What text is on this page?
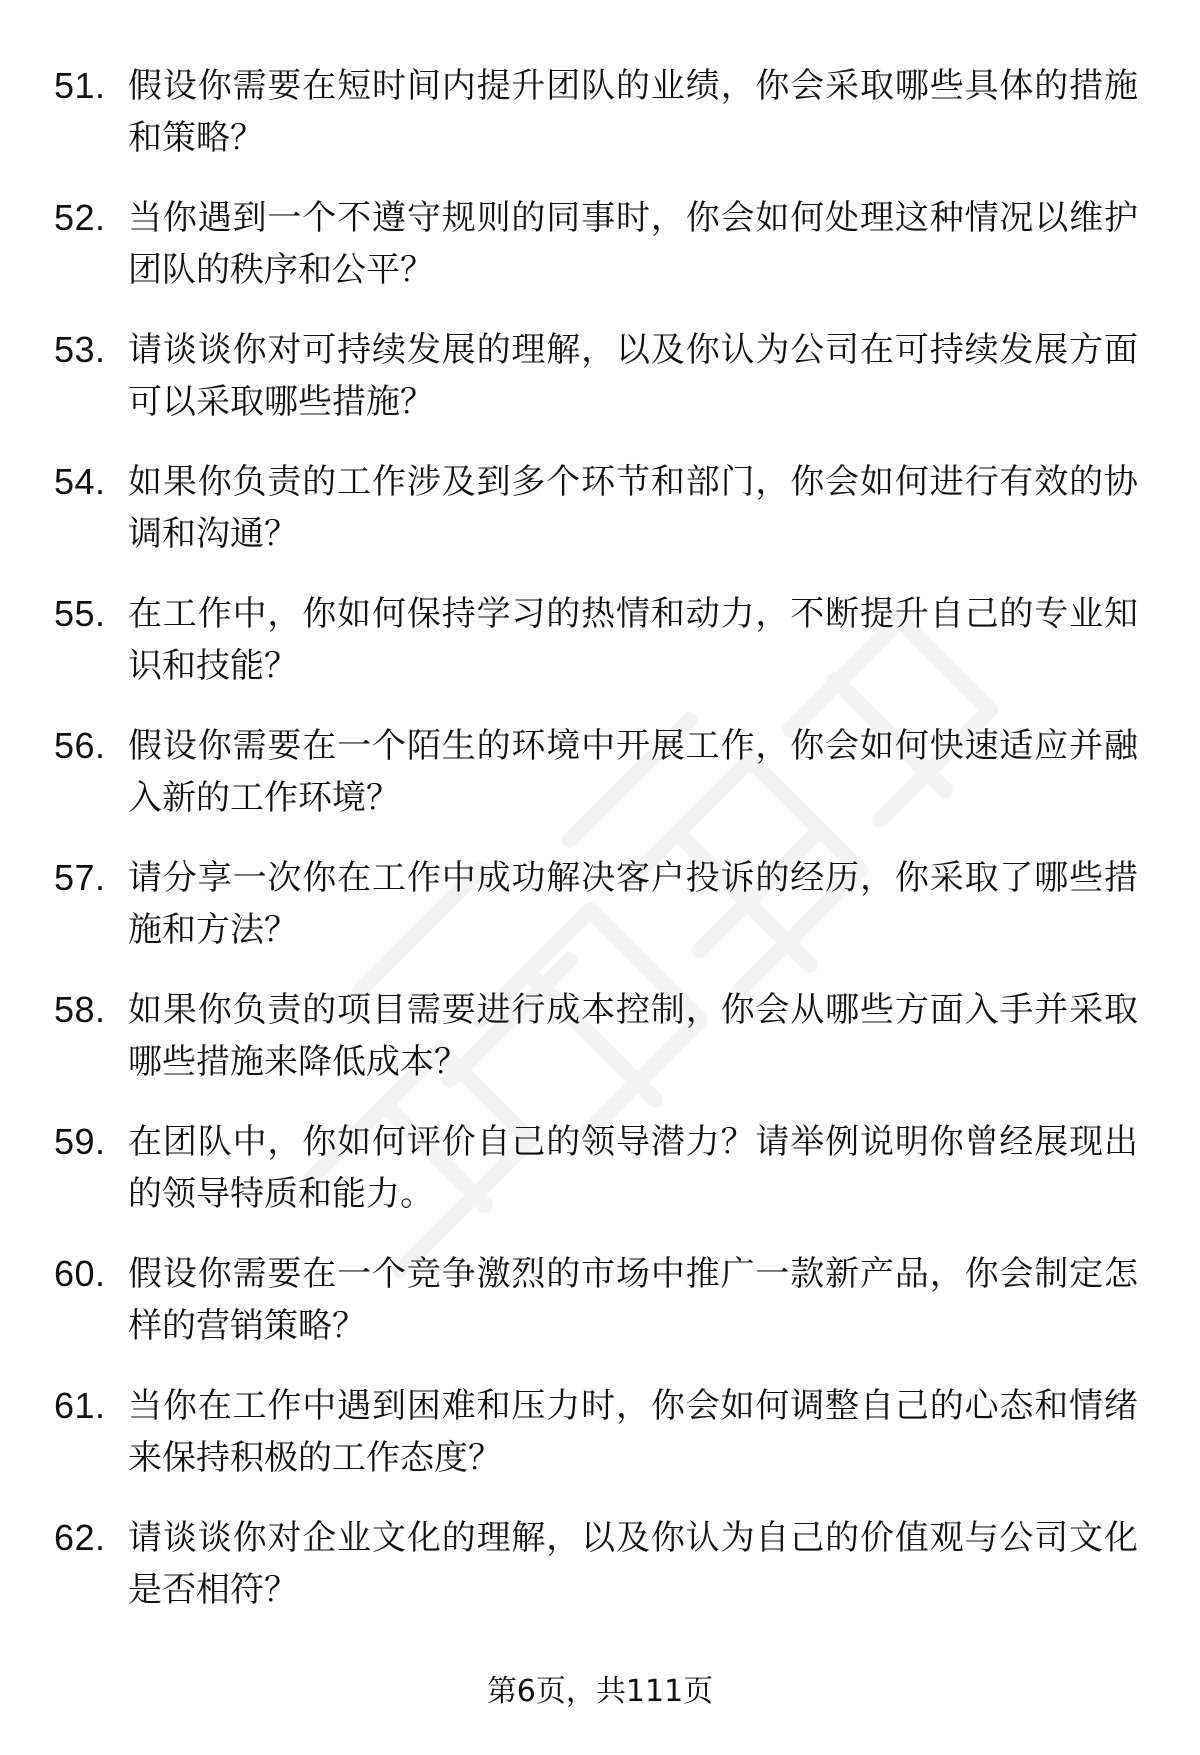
51. 假设你需要在短时间内提升团队的业绩，你会采取哪些具体的措施和策略？
52. 当你遇到一个不遵守规则的同事时，你会如何处理这种情况以维护团队的秩序和公平？
53. 请谈谈你对可持续发展的理解，以及你认为公司在可持续发展方面可以采取哪些措施？
54. 如果你负责的工作涉及到多个环节和部门，你会如何进行有效的协调和沟通？
55. 在工作中，你如何保持学习的热情和动力，不断提升自己的专业知识和技能？
56. 假设你需要在一个陌生的环境中开展工作，你会如何快速适应并融入新的工作环境？
57. 请分享一次你在工作中成功解决客户投诉的经历，你采取了哪些措施和方法？
58. 如果你负责的项目需要进行成本控制，你会从哪些方面入手并采取哪些措施来降低成本？
59. 在团队中，你如何评价自己的领导潜力？请举例说明你曾经展现出的领导特质和能力。
60. 假设你需要在一个竞争激烈的市场中推广一款新产品，你会制定怎样的营销策略？
61. 当你在工作中遇到困难和压力时，你会如何调整自己的心态和情绪来保持积极的工作态度？
62. 请谈谈你对企业文化的理解，以及你认为自己的价值观与公司文化是否相符？
第6页，共111页
